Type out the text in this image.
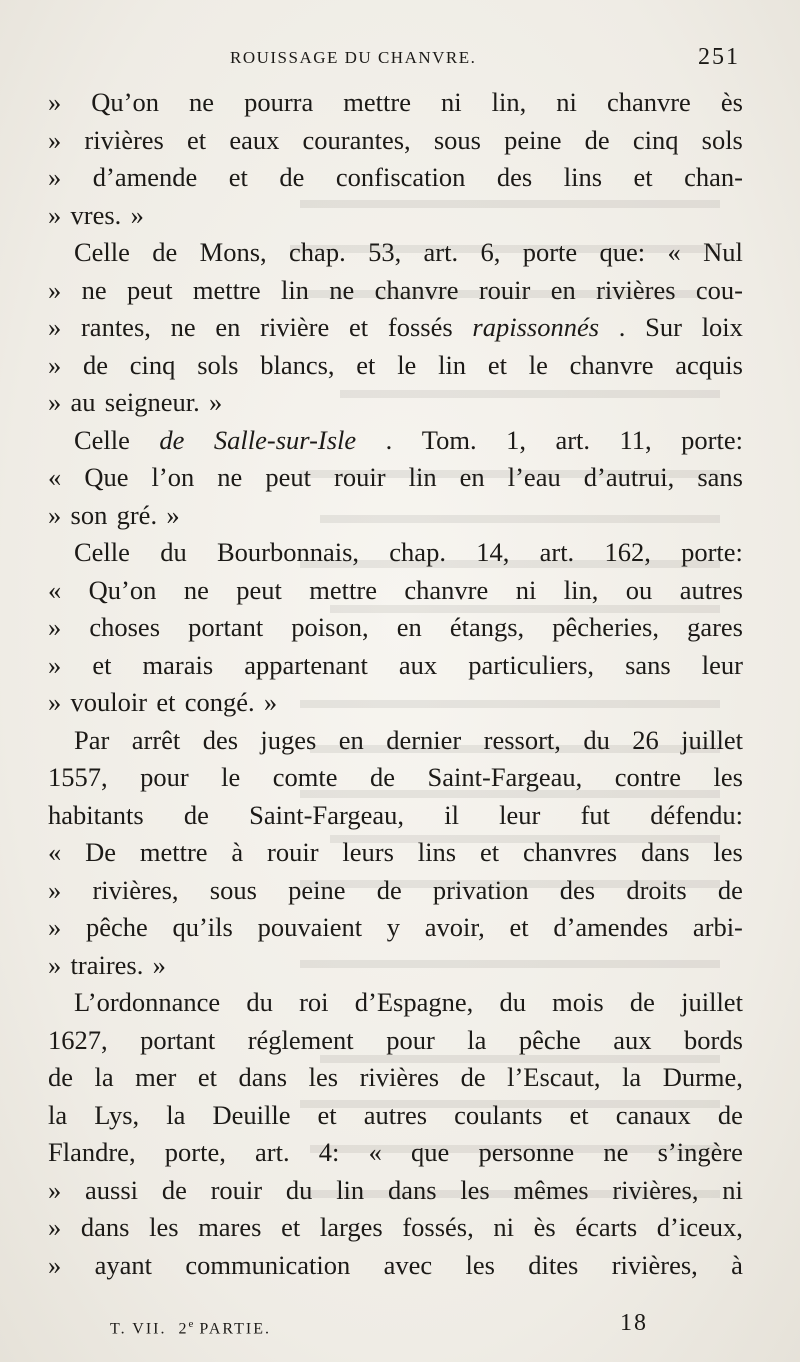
ROUISSAGE DU CHANVRE.	251
» Qu’on ne pourra mettre ni lin, ni chanvre ès
» rivières et eaux courantes, sous peine de cinq sols
» d’amende et de confiscation des lins et chan-
» vres. »
Celle de Mons, chap. 53, art. 6, porte que: « Nul
» ne peut mettre lin ne chanvre rouir en rivières cou-
» rantes, ne en rivière et fossés rapissonnés . Sur loix
» de cinq sols blancs, et le lin et le chanvre acquis
» au seigneur. »
Celle de Salle-sur-Isle . Tom. 1, art. 11, porte:
« Que l’on ne peut rouir lin en l’eau d’autrui, sans
» son gré. »
Celle du Bourbonnais, chap. 14, art. 162, porte:
« Qu’on ne peut mettre chanvre ni lin, ou autres
» choses portant poison, en étangs, pêcheries, gares
» et marais appartenant aux particuliers, sans leur
» vouloir et congé. »
Par arrêt des juges en dernier ressort, du 26 juillet
1557, pour le comte de Saint-Fargeau, contre les
habitants de Saint-Fargeau, il leur fut défendu:
« De mettre à rouir leurs lins et chanvres dans les
» rivières, sous peine de privation des droits de
» pêche qu’ils pouvaient y avoir, et d’amendes arbi-
» traires. »
L’ordonnance du roi d’Espagne, du mois de juillet
1627, portant réglement pour la pêche aux bords
de la mer et dans les rivières de l’Escaut, la Durme,
la Lys, la Deuille et autres coulants et canaux de
Flandre, porte, art. 4: « que personne ne s’ingère
» aussi de rouir du lin dans les mêmes rivières, ni
» dans les mares et larges fossés, ni ès écarts d’iceux,
» ayant communication avec les dites rivières, à
T. VII. 2e PARTIE.	18
